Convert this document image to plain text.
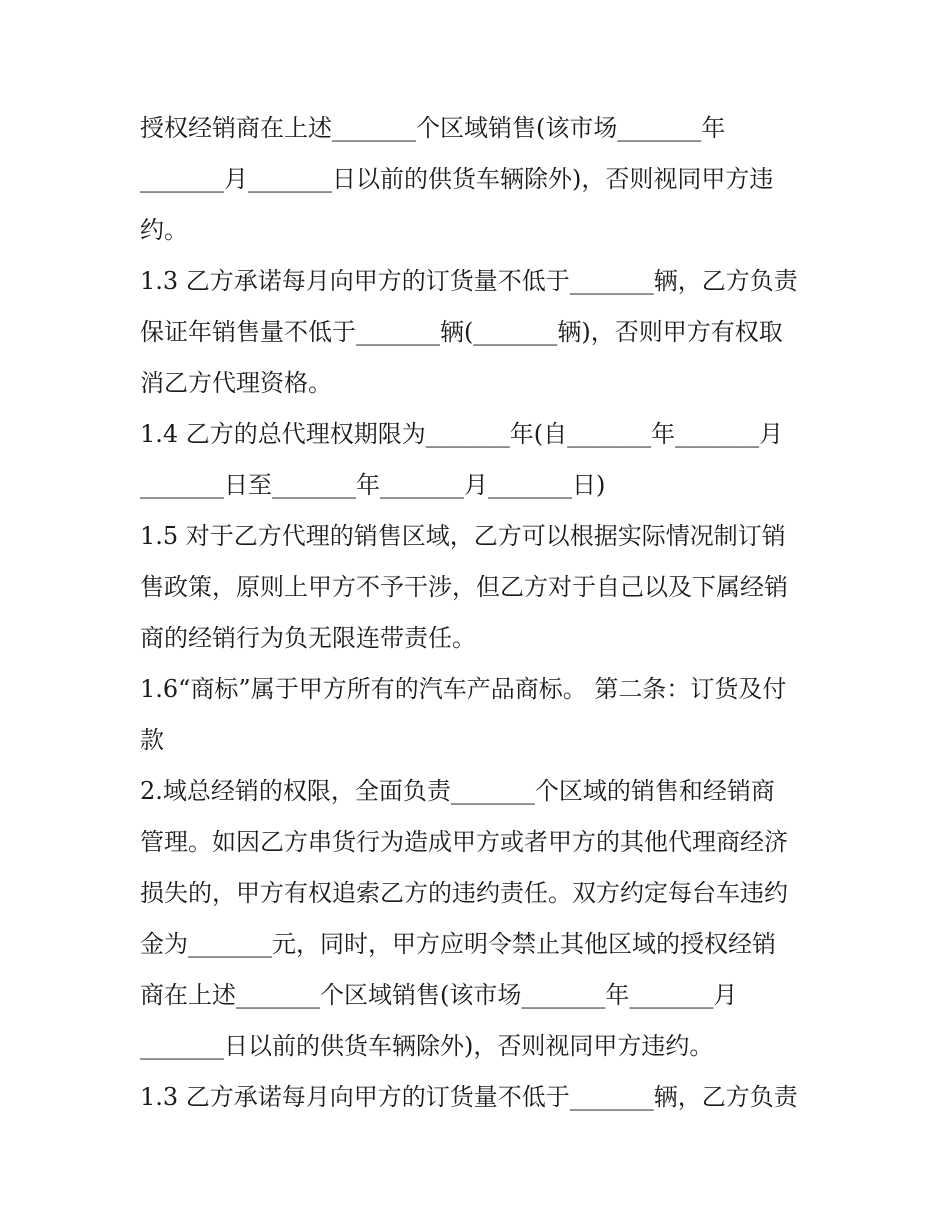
授权经销商在上述_______个区域销售(该市场_______年
_______月_______日以前的供货车辆除外)，否则视同甲方违
约。
1.3 乙方承诺每月向甲方的订货量不低于_______辆，乙方负责
保证年销售量不低于_______辆(_______辆)，否则甲方有权取
消乙方代理资格。
1.4 乙方的总代理权期限为_______年(自_______年_______月
_______日至_______年_______月_______日)
1.5 对于乙方代理的销售区域，乙方可以根据实际情况制订销
售政策，原则上甲方不予干涉，但乙方对于自己以及下属经销
商的经销行为负无限连带责任。
1.6“商标”属于甲方所有的汽车产品商标。 第二条：订货及付
款
2.域总经销的权限，全面负责_______个区域的销售和经销商
管理。如因乙方串货行为造成甲方或者甲方的其他代理商经济
损失的，甲方有权追索乙方的违约责任。双方约定每台车违约
金为_______元，同时，甲方应明令禁止其他区域的授权经销
商在上述_______个区域销售(该市场_______年_______月
_______日以前的供货车辆除外)，否则视同甲方违约。
1.3 乙方承诺每月向甲方的订货量不低于_______辆，乙方负责
